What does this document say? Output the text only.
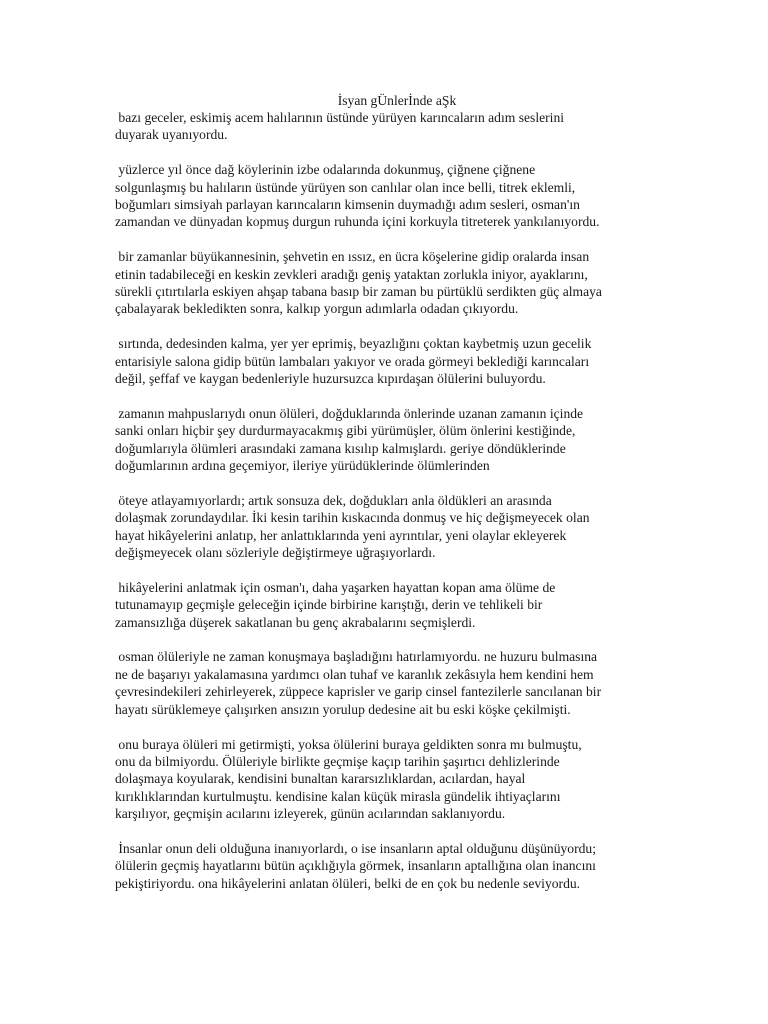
İsyan gÜnlerİnde aŞk

bazı geceler, eskimiş acem halılarının üstünde yürüyen karıncaların adım seslerini
duyarak uyanıyordu.

yüzlerce yıl önce dağ köylerinin izbe odalarında dokunmuş, çiğnene çiğnene
solgunlaşmış bu halıların üstünde yürüyen son canlılar olan ince belli, titrek eklemli,
boğumları simsiyah parlayan karıncaların kimsenin duymadığı adım sesleri, osman'ın
zamandan ve dünyadan kopmuş durgun ruhunda içini korkuyla titreterek yankılanıyordu.

bir zamanlar büyükannesinin, şehvetin en ıssız, en ücra köşelerine gidip oralarda insan
etinin tadabileceği en keskin zevkleri aradığı geniş yataktan zorlukla iniyor, ayaklarını,
sürekli çıtırtılarla eskiyen ahşap tabana basıp bir zaman bu pürtüklü serdikten güç almaya
çabalayarak bekledikten sonra, kalkıp yorgun adımlarla odadan çıkıyordu.

sırtında, dedesinden kalma, yer yer eprimiş, beyazlığını çoktan kaybetmiş uzun gecelik
entarisiyle salona gidip bütün lambaları yakıyor ve orada görmeyi beklediği karıncaları
değil, şeffaf ve kaygan bedenleriyle huzursuzca kıpırdaşan ölülerini buluyordu.

zamanın mahpuslarıydı onun ölüleri, doğduklarında önlerinde uzanan zamanın içinde
sanki onları hiçbir şey durdurmayacakmış gibi yürümüşler, ölüm önlerini kestiğinde,
doğumlarıyla ölümleri arasındaki zamana kısılıp kalmışlardı. geriye döndüklerinde
doğumlarının ardına geçemiyor, ileriye yürüdüklerinde ölümlerinden

öteye atlayamıyorlardı; artık sonsuza dek, doğdukları anla öldükleri an arasında
dolaşmak zorundaydılar. İki kesin tarihin kıskacında donmuş ve hiç değişmeyecek olan
hayat hikâyelerini anlatıp, her anlattıklarında yeni ayrıntılar, yeni olaylar ekleyerek
değişmeyecek olanı sözleriyle değiştirmeye uğraşıyorlardı.

hikâyelerini anlatmak için osman'ı, daha yaşarken hayattan kopan ama ölüme de
tutunamayıp geçmişle geleceğin içinde birbirine karıştığı, derin ve tehlikeli bir
zamansızlığa düşerek sakatlanan bu genç akrabalarını seçmişlerdi.

osman ölüleriyle ne zaman konuşmaya başladığını hatırlamıyordu. ne huzuru bulmasına
ne de başarıyı yakalamasına yardımcı olan tuhaf ve karanlık zekâsıyla hem kendini hem
çevresindekileri zehirleyerek, züppece kaprisler ve garip cinsel fantezilerle sancılanan bir
hayatı sürüklemeye çalışırken ansızın yorulup dedesine ait bu eski köşke çekilmişti.

onu buraya ölüleri mi getirmişti, yoksa ölülerini buraya geldikten sonra mı bulmuştu,
onu da bilmiyordu. Ölüleriyle birlikte geçmişe kaçıp tarihin şaşırtıcı dehlizlerinde
dolaşmaya koyularak, kendisini bunaltan kararsızlıklardan, acılardan, hayal
kırıklıklarından kurtulmuştu. kendisine kalan küçük mirasla gündelik ihtiyaçlarını
karşılıyor, geçmişin acılarını izleyerek, günün acılarından saklanıyordu.

İnsanlar onun deli olduğuna inanıyorlardı, o ise insanların aptal olduğunu düşünüyordu;
ölülerin geçmiş hayatlarını bütün açıklığıyla görmek, insanların aptallığına olan inancını
pekiştiriyordu. ona hikâyelerini anlatan ölüleri, belki de en çok bu nedenle seviyordu.
